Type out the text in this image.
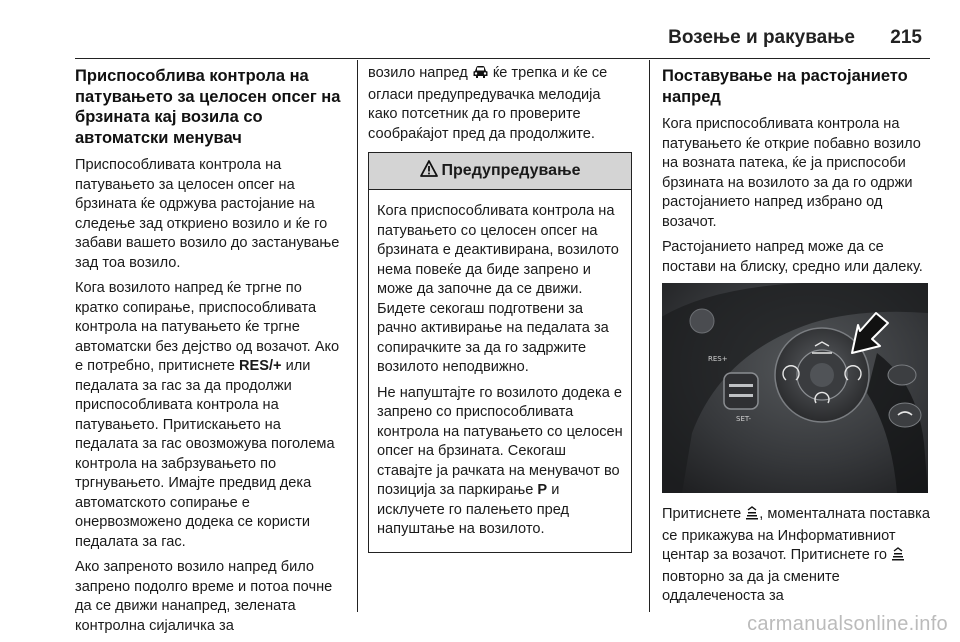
Возење и ракување 215
Приспособлива контрола на патувањето за целосен опсег на брзината кај возила со автоматски менувач

Приспособливата контрола на патувањето за целосен опсег на брзината ќе одржува растојание на следење зад откриено возило и ќе го забави вашето возило до застанување зад тоа возило.

Кога возилото напред ќе тргне по кратко сопирање, приспособливата контрола на патувањето ќе тргне автоматски без дејство од возачот. Ако е потребно, притиснете RES/+ или педалата за гас за да продолжи приспособливата контрола на патувањето. Притискањето на педалата за гас овозможува поголема контрола на забрзувањето по тргнувањето. Имајте предвид дека автоматското сопирање е онервозможено додека се користи педалата за гас.

Ако запреното возило напред било запрено подолго време и потоа почне да се движи нанапред, зелената контролна сијаличка за

возило напред  ќе трепка и ќе се огласи предупредувачка мелодија како потсетник да го проверите сообраќајот пред да продолжите.

Предупредување

Кога приспособливата контрола на патувањето со целосен опсег на брзината е деактивирана, возилото нема повеќе да биде запрено и може да започне да се движи. Бидете секогаш подготвени за рачно активирање на педалата за сопирачките за да го задржите возилото неподвижно.

Не напуштајте го возилото додека е запрено со приспособливата контрола на патувањето со целосен опсег на брзината. Секогаш ставајте ја рачката на менувачот во позиција за паркирање P и исклучете го палењето пред напуштање на возилото.

Поставување на растојанието напред

Кога приспособливата контрола на патувањето ќе открие побавно возило на возната патека, ќе ја приспособи брзината на возилото за да го одржи растојанието напред избрано од возачот.

Растојанието напред може да се постави на блиску, средно или далеку.

RES+
SET-

Притиснете , моменталната поставка се прикажува на Информативниот центар за возачот. Притиснете го  повторно за да ја смените оддалеченоста за

carmanualsonline.info
